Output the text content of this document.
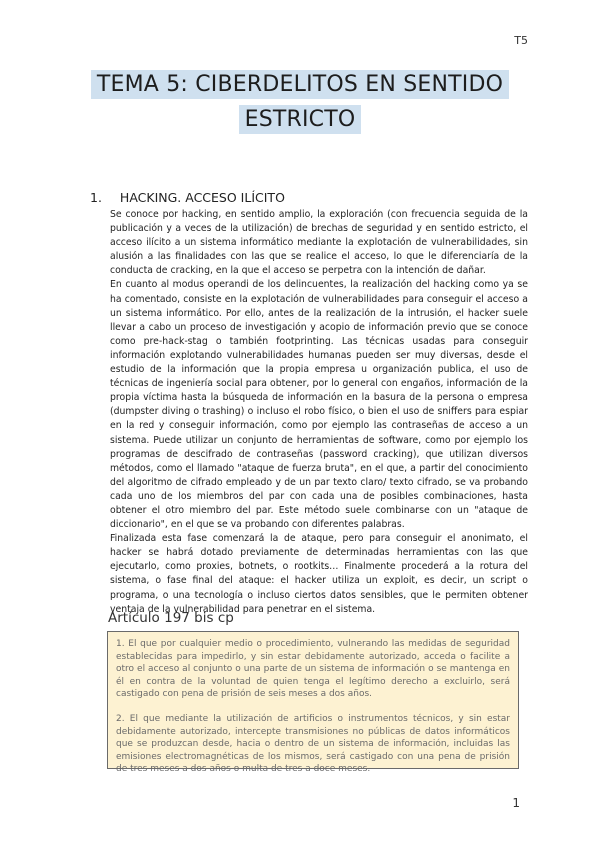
T5
TEMA 5: CIBERDELITOS EN SENTIDO
ESTRICTO
1. HACKING. ACCESO ILÍCITO

Se conoce por hacking, en sentido amplio, la exploración (con frecuencia seguida de la publicación y a veces de la utilización) de brechas de seguridad y en sentido estricto, el acceso ilícito a un sistema informático mediante la explotación de vulnerabilidades, sin alusión a las finalidades con las que se realice el acceso, lo que le diferenciaría de la conducta de cracking, en la que el acceso se perpetra con la intención de dañar.

En cuanto al modus operandi de los delincuentes, la realización del hacking como ya se ha comentado, consiste en la explotación de vulnerabilidades para conseguir el acceso a un sistema informático. Por ello, antes de la realización de la intrusión, el hacker suele llevar a cabo un proceso de investigación y acopio de información previo que se conoce como pre-hack-stag o también footprinting. Las técnicas usadas para conseguir información explotando vulnerabilidades humanas pueden ser muy diversas, desde el estudio de la información que la propia empresa u organización publica, el uso de técnicas de ingeniería social para obtener, por lo general con engaños, información de la propia víctima hasta la búsqueda de información en la basura de la persona o empresa (dumpster diving o trashing) o incluso el robo físico, o bien el uso de sniffers para espiar en la red y conseguir información, como por ejemplo las contraseñas de acceso a un sistema. Puede utilizar un conjunto de herramientas de software, como por ejemplo los programas de descifrado de contraseñas (password cracking), que utilizan diversos métodos, como el llamado "ataque de fuerza bruta", en el que, a partir del conocimiento del algoritmo de cifrado empleado y de un par texto claro/ texto cifrado, se va probando cada uno de los miembros del par con cada una de posibles combinaciones, hasta obtener el otro miembro del par. Este método suele combinarse con un "ataque de diccionario", en el que se va probando con diferentes palabras.

Finalizada esta fase comenzará la de ataque, pero para conseguir el anonimato, el hacker se habrá dotado previamente de determinadas herramientas con las que ejecutarlo, como proxies, botnets, o rootkits… Finalmente procederá a la rotura del sistema, o fase final del ataque: el hacker utiliza un exploit, es decir, un script o programa, o una tecnología o incluso ciertos datos sensibles, que le permiten obtener ventaja de la vulnerabilidad para penetrar en el sistema.

Artículo 197 bis cp

1. El que por cualquier medio o procedimiento, vulnerando las medidas de seguridad establecidas para impedirlo, y sin estar debidamente autorizado, acceda o facilite a otro el acceso al conjunto o una parte de un sistema de información o se mantenga en él en contra de la voluntad de quien tenga el legítimo derecho a excluirlo, será castigado con pena de prisión de seis meses a dos años.

2. El que mediante la utilización de artificios o instrumentos técnicos, y sin estar debidamente autorizado, intercepte transmisiones no públicas de datos informáticos que se produzcan desde, hacia o dentro de un sistema de información, incluidas las emisiones electromagnéticas de los mismos, será castigado con una pena de prisión de tres meses a dos años o multa de tres a doce meses.

1
